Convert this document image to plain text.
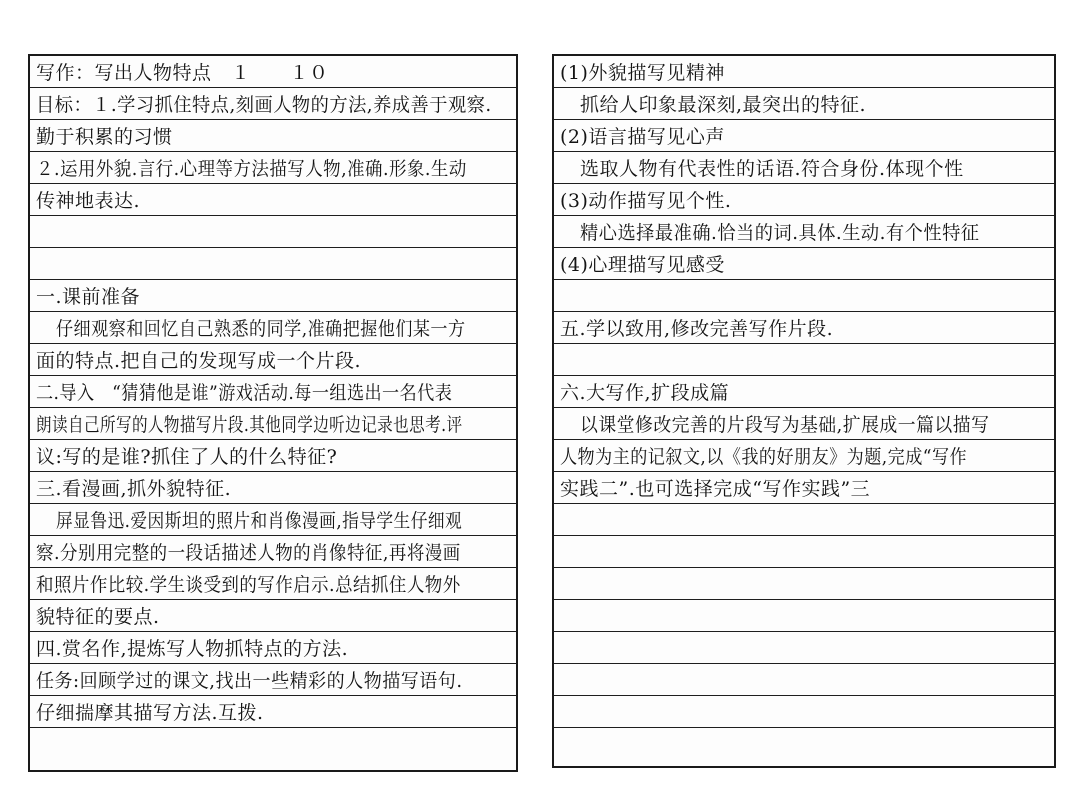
写作：写出人物特点　１　　１０
目标：１.学习抓住特点,刻画人物的方法,养成善于观察.
勤于积累的习惯
２.运用外貌.言行.心理等方法描写人物,准确.形象.生动
传神地表达.
一.课前准备
仔细观察和回忆自己熟悉的同学,准确把握他们某一方
面的特点.把自己的发现写成一个片段.
二.导入　“猜猜他是谁”游戏活动.每一组选出一名代表
朗读自己所写的人物描写片段.其他同学边听边记录也思考.评
议:写的是谁?抓住了人的什么特征?
三.看漫画,抓外貌特征.
屏显鲁迅.爱因斯坦的照片和肖像漫画,指导学生仔细观
察.分别用完整的一段话描述人物的肖像特征,再将漫画
和照片作比较.学生谈受到的写作启示.总结抓住人物外
貌特征的要点.
四.赏名作,提炼写人物抓特点的方法.
任务:回顾学过的课文,找出一些精彩的人物描写语句.
仔细揣摩其描写方法.互拨.
(1)外貌描写见精神
抓给人印象最深刻,最突出的特征.
(2)语言描写见心声
选取人物有代表性的话语.符合身份.体现个性
(3)动作描写见个性.
精心选择最准确.恰当的词.具体.生动.有个性特征
(4)心理描写见感受
五.学以致用,修改完善写作片段.
六.大写作,扩段成篇
以课堂修改完善的片段写为基础,扩展成一篇以描写
人物为主的记叙文,以《我的好朋友》为题,完成“写作
实践二”.也可选择完成“写作实践”三
